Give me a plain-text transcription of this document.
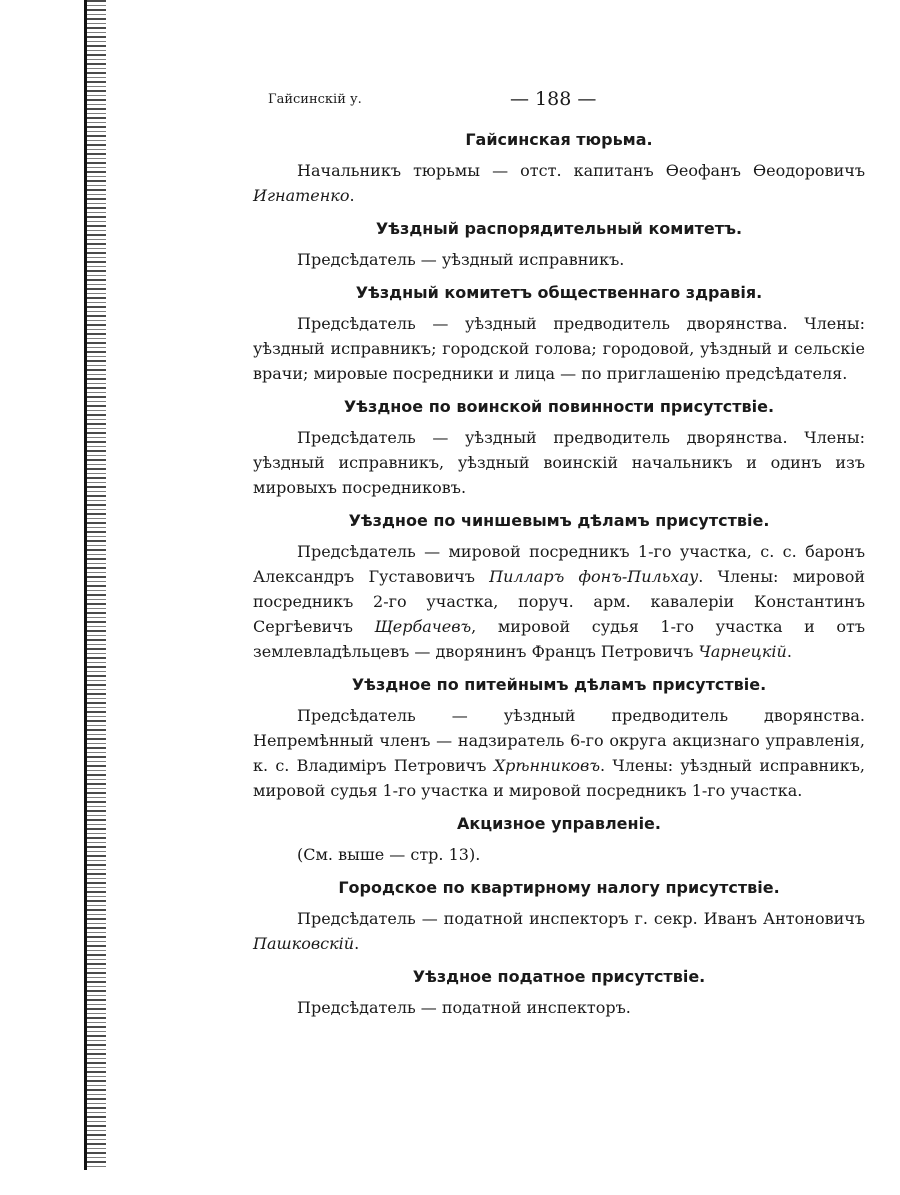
Гайсинскій у.	— 188 —
Гайсинская тюрьма.
Начальникъ тюрьмы — отст. капитанъ Ѳеофанъ Ѳеодоровичъ Игнатенко.
Уѣздный распорядительный комитетъ.
Предсѣдатель — уѣздный исправникъ.
Уѣздный комитетъ общественнаго здравія.
Предсѣдатель — уѣздный предводитель дворянства. Члены: уѣздный исправникъ; городской голова; городовой, уѣздный и сельскіе врачи; мировые посредники и лица — по приглашенію предсѣдателя.
Уѣздное по воинской повинности присутствіе.
Предсѣдатель — уѣздный предводитель дворянства. Члены: уѣздный исправникъ, уѣздный воинскій начальникъ и одинъ изъ мировыхъ посредниковъ.
Уѣздное по чиншевымъ дѣламъ присутствіе.
Предсѣдатель — мировой посредникъ 1-го участка, с. с. баронъ Александръ Густавовичъ Пилларъ фонъ-Пильхау. Члены: мировой посредникъ 2-го участка, поруч. арм. кавалеріи Константинъ Сергѣевичъ Щербачевъ, мировой судья 1-го участка и отъ землевладѣльцевъ — дворянинъ Францъ Петровичъ Чарнецкій.
Уѣздное по питейнымъ дѣламъ присутствіе.
Предсѣдатель — уѣздный предводитель дворянства. Непремѣнный членъ — надзиратель 6-го округа акцизнаго управленія, к. с. Владиміръ Петровичъ Хрѣнниковъ. Члены: уѣздный исправникъ, мировой судья 1-го участка и мировой посредникъ 1-го участка.
Акцизное управленіе.
(См. выше — стр. 13).
Городское по квартирному налогу присутствіе.
Предсѣдатель — податной инспекторъ г. секр. Иванъ Антоновичъ Пашковскій.
Уѣздное податное присутствіе.
Предсѣдатель — податной инспекторъ.
